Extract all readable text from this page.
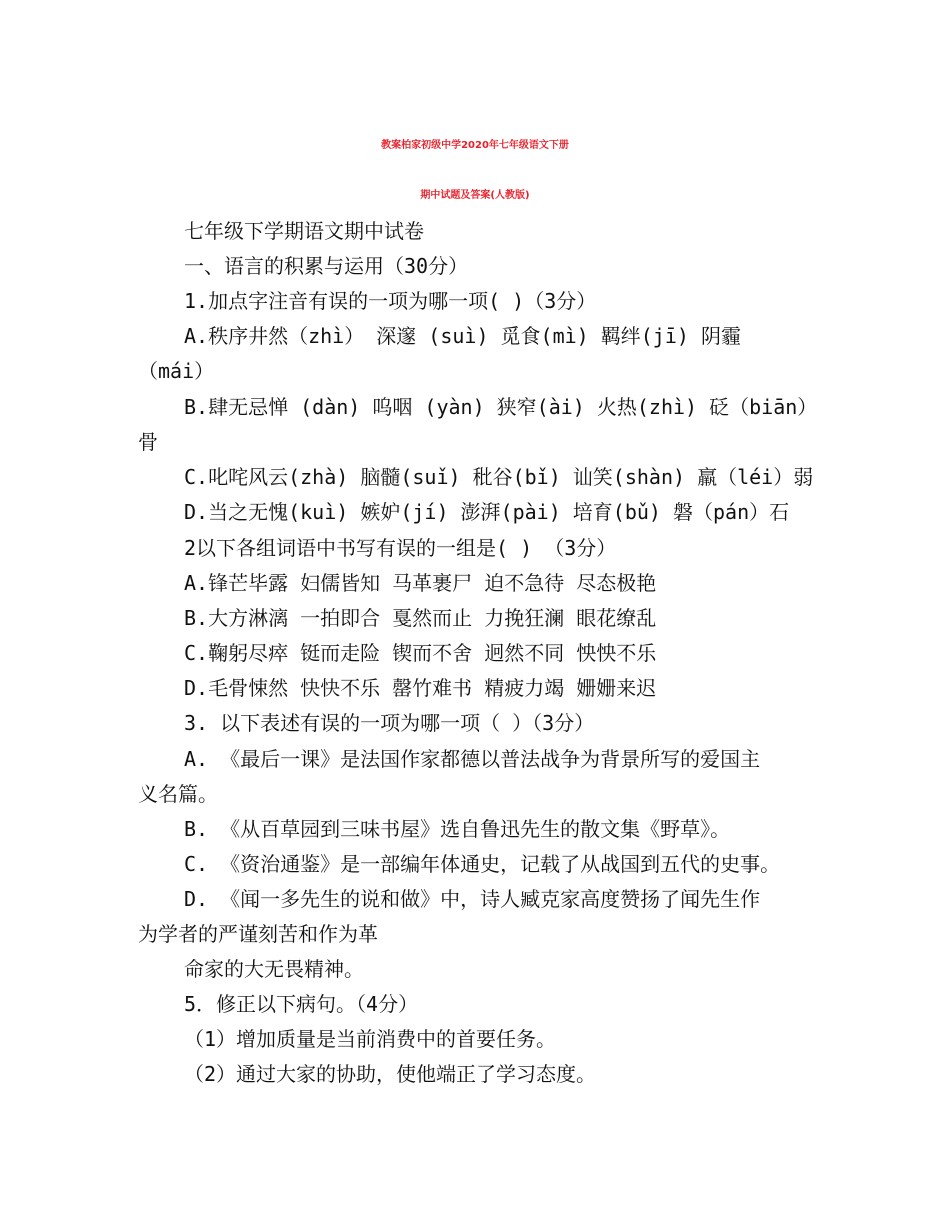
教案柏家初级中学2020年七年级语文下册
期中试题及答案(人教版)
七年级下学期语文期中试卷
一、语言的积累与运用（30分）
1.加点字注音有误的一项为哪一项( )（3分）
A.秩序井然（zhì） 深邃 (suì) 觅食(mì) 羁绊(jī) 阴霾
（mái）
B.肆无忌惮 (dàn) 呜咽 (yàn) 狭窄(ài) 火热(zhì) 砭（biān）
骨
C.叱咤风云(zhà) 脑髓(suǐ) 秕谷(bǐ) 讪笑(shàn) 羸（léi）弱
D.当之无愧(kuì) 嫉妒(jí) 澎湃(pài) 培育(bǔ) 磐（pán）石
2以下各组词语中书写有误的一组是( ) （3分）
A.锋芒毕露 妇儒皆知 马革裹尸 迫不急待 尽态极艳
B.大方淋漓 一拍即合 戛然而止 力挽狂澜 眼花缭乱
C.鞠躬尽瘁 铤而走险 锲而不舍 迥然不同 怏怏不乐
D.毛骨悚然 快快不乐 罄竹难书 精疲力竭 姗姗来迟
3. 以下表述有误的一项为哪一项（ ）（3分）
A. 《最后一课》是法国作家都德以普法战争为背景所写的爱国主
义名篇。
B. 《从百草园到三味书屋》选自鲁迅先生的散文集《野草》。
C. 《资治通鉴》是一部编年体通史，记载了从战国到五代的史事。
D. 《闻一多先生的说和做》中，诗人臧克家高度赞扬了闻先生作
为学者的严谨刻苦和作为革
命家的大无畏精神。
5．修正以下病句。（4分）
（1）增加质量是当前消费中的首要任务。
（2）通过大家的协助，使他端正了学习态度。
